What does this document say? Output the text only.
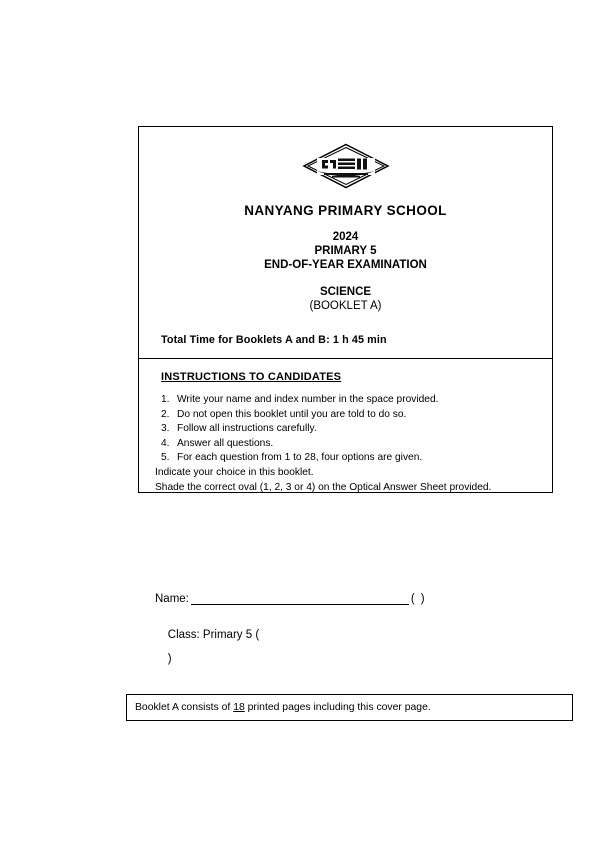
NANYANG PRIMARY SCHOOL
2024
PRIMARY 5
END-OF-YEAR EXAMINATION
SCIENCE
(BOOKLET A)
Total Time for Booklets A and B: 1 h 45 min
INSTRUCTIONS TO CANDIDATES
1. Write your name and index number in the space provided.
2. Do not open this booklet until you are told to do so.
3. Follow all instructions carefully.
4. Answer all questions.
5. For each question from 1 to 28, four options are given.
Indicate your choice in this booklet.
Shade the correct oval (1, 2, 3 or 4) on the Optical Answer Sheet provided.
Name:	( )

Class: Primary 5 (

)

Booklet A consists of 18 printed pages including this cover page.
